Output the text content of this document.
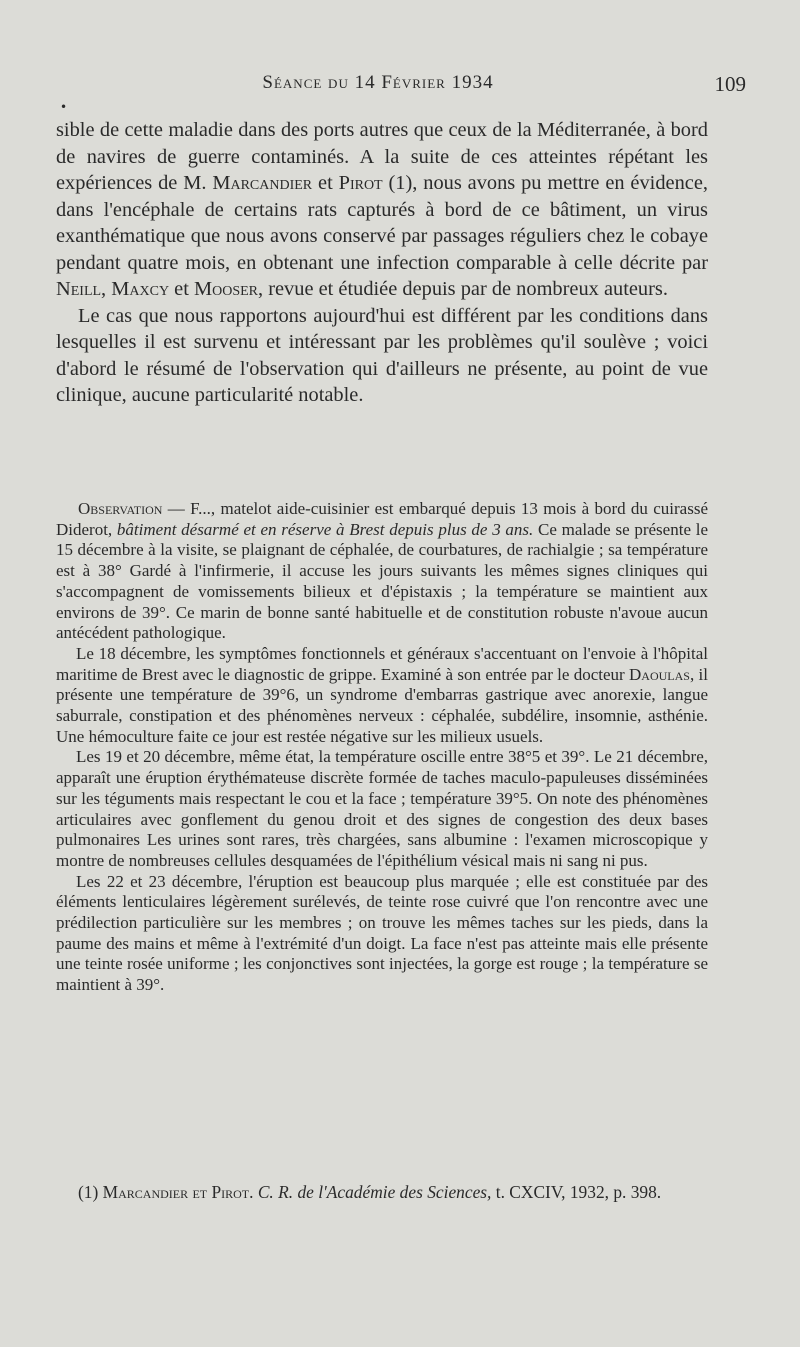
Séance du 14 Février 1934	109
•

sible de cette maladie dans des ports autres que ceux de la Méditerranée, à bord de navires de guerre contaminés. A la suite de ces atteintes répétant les expériences de M. Marcandier et Pirot (1), nous avons pu mettre en évidence, dans l'encéphale de certains rats capturés à bord de ce bâtiment, un virus exanthématique que nous avons conservé par passages réguliers chez le cobaye pendant quatre mois, en obtenant une infection comparable à celle décrite par Neill, Maxcy et Mooser, revue et étudiée depuis par de nombreux auteurs.

Le cas que nous rapportons aujourd'hui est différent par les conditions dans lesquelles il est survenu et intéressant par les problèmes qu'il soulève ; voici d'abord le résumé de l'observation qui d'ailleurs ne présente, au point de vue clinique, aucune particularité notable.

Observation — F..., matelot aide-cuisinier est embarqué depuis 13 mois à bord du cuirassé Diderot, bâtiment désarmé et en réserve à Brest depuis plus de 3 ans. Ce malade se présente le 15 décembre à la visite, se plaignant de céphalée, de courbatures, de rachialgie ; sa température est à 38° Gardé à l'infirmerie, il accuse les jours suivants les mêmes signes cliniques qui s'accompagnent de vomissements bilieux et d'épistaxis ; la température se maintient aux environs de 39°. Ce marin de bonne santé habituelle et de constitution robuste n'avoue aucun antécédent pathologique.

Le 18 décembre, les symptômes fonctionnels et généraux s'accentuant on l'envoie à l'hôpital maritime de Brest avec le diagnostic de grippe. Examiné à son entrée par le docteur Daoulas, il présente une température de 39°6, un syndrome d'embarras gastrique avec anorexie, langue saburrale, constipation et des phénomènes nerveux : céphalée, subdélire, insomnie, asthénie. Une hémoculture faite ce jour est restée négative sur les milieux usuels.

Les 19 et 20 décembre, même état, la température oscille entre 38°5 et 39°. Le 21 décembre, apparaît une éruption érythémateuse discrète formée de taches maculo-papuleuses disséminées sur les téguments mais respectant le cou et la face ; température 39°5. On note des phénomènes articulaires avec gonflement du genou droit et des signes de congestion des deux bases pulmonaires Les urines sont rares, très chargées, sans albumine : l'examen microscopique y montre de nombreuses cellules desquamées de l'épithélium vésical mais ni sang ni pus.

Les 22 et 23 décembre, l'éruption est beaucoup plus marquée ; elle est constituée par des éléments lenticulaires légèrement surélevés, de teinte rose cuivré que l'on rencontre avec une prédilection particulière sur les membres ; on trouve les mêmes taches sur les pieds, dans la paume des mains et même à l'extrémité d'un doigt. La face n'est pas atteinte mais elle présente une teinte rosée uniforme ; les conjonctives sont injectées, la gorge est rouge ; la température se maintient à 39°.

(1) Marcandier et Pirot. C. R. de l'Académie des Sciences, t. CXCIV, 1932, p. 398.
